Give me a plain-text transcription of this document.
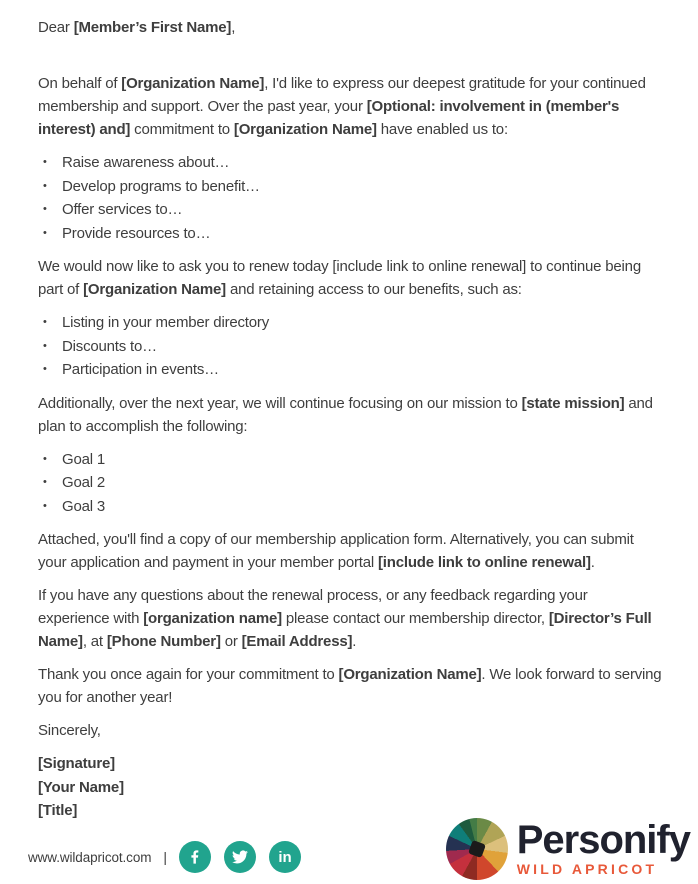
Dear [Member’s First Name],

On behalf of [Organization Name], I'd like to express our deepest gratitude for your continued membership and support. Over the past year, your [Optional: involvement in (member's interest) and] commitment to [Organization Name] have enabled us to:

• Raise awareness about…
• Develop programs to benefit…
• Offer services to…
• Provide resources to…

We would now like to ask you to renew today [include link to online renewal] to continue being part of [Organization Name] and retaining access to our benefits, such as:

• Listing in your member directory
• Discounts to…
• Participation in events…

Additionally, over the next year, we will continue focusing on our mission to [state mission] and plan to accomplish the following:

• Goal 1
• Goal 2
• Goal 3

Attached, you'll find a copy of our membership application form. Alternatively, you can submit your application and payment in your member portal [include link to online renewal].

If you have any questions about the renewal process, or any feedback regarding your experience with [organization name] please contact our membership director, [Director’s Full Name], at [Phone Number] or [Email Address].

Thank you once again for your commitment to [Organization Name]. We look forward to serving you for another year!

Sincerely,

[Signature]
[Your Name]
[Title]

www.wildapricot.com |	in	Personify
WILD APRICOT
